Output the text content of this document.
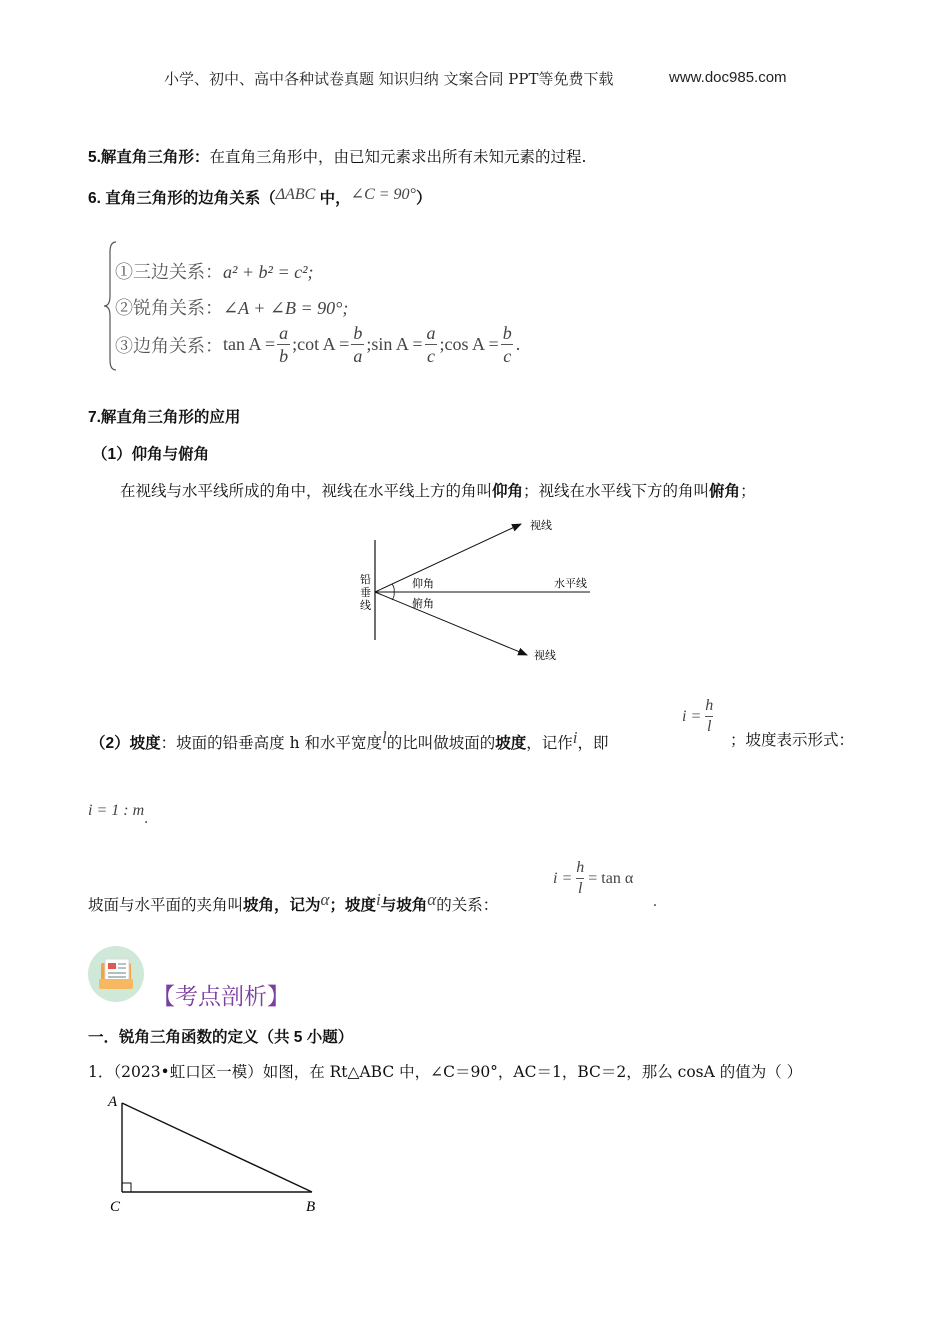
小学、初中、高中各种试卷真题 知识归纳 文案合同 PPT等免费下载	www.doc985.com
5.解直角三角形：在直角三角形中，由已知元素求出所有未知元素的过程.
6. 直角三角形的边角关系（ΔABC 中，∠C = 90°）
①三边关系：a² + b² = c²;
②锐角关系：∠A + ∠B = 90°;
③边角关系： $\tan A = \frac{a}{b}$ ; $\cot A = \frac{b}{a}$ ; $\sin A = \frac{a}{c}$ ; $\cos A = \frac{b}{c}$ .
7.解直角三角形的应用
（1）仰角与俯角
在视线与水平线所成的角中，视线在水平线上方的角叫仰角；视线在水平线下方的角叫俯角；
视线
视线
水平线
仰角
俯角
铅
垂
线
（2）坡度：坡面的铅垂高度 h 和水平宽度l的比叫做坡面的坡度，记作i，即
$i = \frac{h}{l}$
；坡度表示形式：
i = 1 : m.
坡面与水平面的夹角叫坡角，记为α；坡度i与坡角α的关系：
$i = \frac{h}{l} = \tan \alpha$
.
【考点剖析】
一．锐角三角函数的定义（共 5 小题）
1．（2023•虹口区一模）如图，在 Rt△ABC 中，∠C＝90°，AC＝1，BC＝2，那么 cosA 的值为（ ）
A
C	B
